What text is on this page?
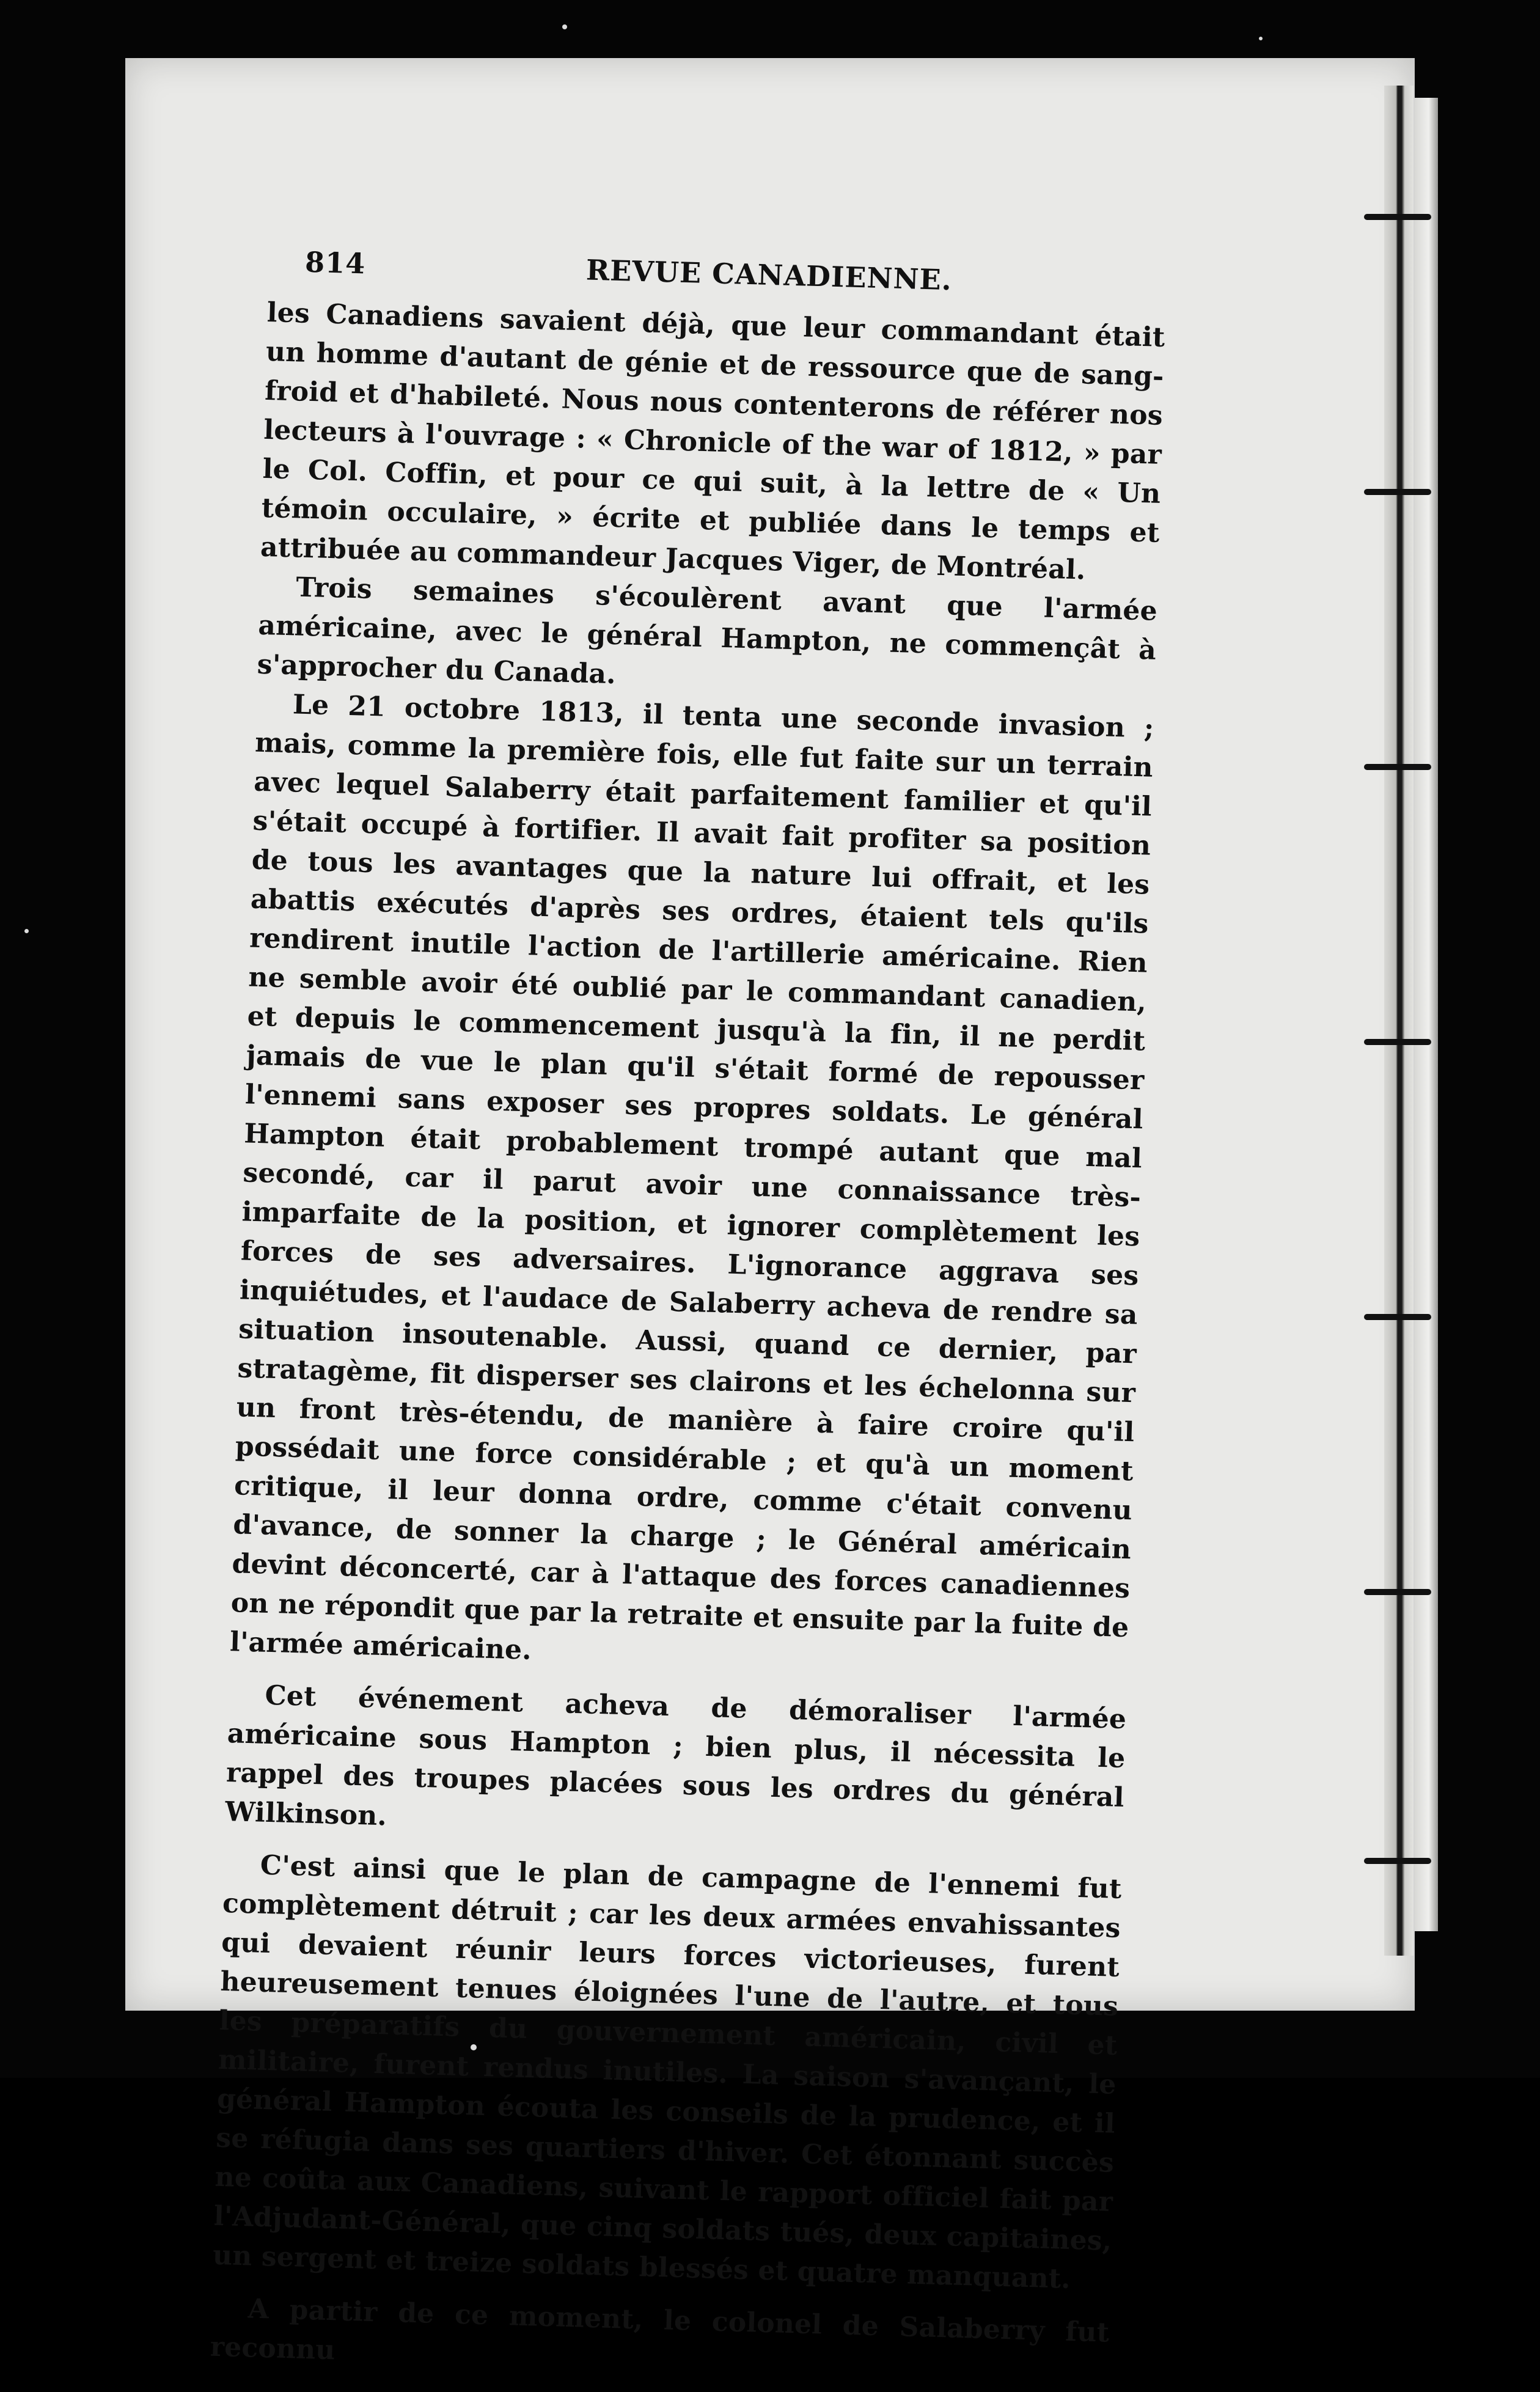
814	REVUE CANADIENNE.

les Canadiens savaient déjà, que leur commandant était un homme d'autant de génie et de ressource que de sang-froid et d'habileté. Nous nous contenterons de référer nos lecteurs à l'ouvrage : « Chronicle of the war of 1812, » par le Col. Coffin, et pour ce qui suit, à la lettre de « Un témoin occulaire, » écrite et publiée dans le temps et attribuée au commandeur Jacques Viger, de Montréal.

Trois semaines s'écoulèrent avant que l'armée américaine, avec le général Hampton, ne commençât à s'approcher du Canada.

Le 21 octobre 1813, il tenta une seconde invasion ; mais, comme la première fois, elle fut faite sur un terrain avec lequel Salaberry était parfaitement familier et qu'il s'était occupé à fortifier. Il avait fait profiter sa position de tous les avantages que la nature lui offrait, et les abattis exécutés d'après ses ordres, étaient tels qu'ils rendirent inutile l'action de l'artillerie américaine. Rien ne semble avoir été oublié par le commandant canadien, et depuis le commencement jusqu'à la fin, il ne perdit jamais de vue le plan qu'il s'était formé de repousser l'ennemi sans exposer ses propres soldats. Le général Hampton était probablement trompé autant que mal secondé, car il parut avoir une connaissance très-imparfaite de la position, et ignorer complètement les forces de ses adversaires. L'ignorance aggrava ses inquiétudes, et l'audace de Salaberry acheva de rendre sa situation insoutenable. Aussi, quand ce dernier, par stratagème, fit disperser ses clairons et les échelonna sur un front très-étendu, de manière à faire croire qu'il possédait une force considérable ; et qu'à un moment critique, il leur donna ordre, comme c'était convenu d'avance, de sonner la charge ; le Général américain devint déconcerté, car à l'attaque des forces canadiennes on ne répondit que par la retraite et ensuite par la fuite de l'armée américaine.

Cet événement acheva de démoraliser l'armée américaine sous Hampton ; bien plus, il nécessita le rappel des troupes placées sous les ordres du général Wilkinson.

C'est ainsi que le plan de campagne de l'ennemi fut complètement détruit ; car les deux armées envahissantes qui devaient réunir leurs forces victorieuses, furent heureusement tenues éloignées l'une de l'autre, et tous les préparatifs du gouvernement américain, civil et militaire, furent rendus inutiles. La saison s'avançant, le général Hampton écouta les conseils de la prudence, et il se réfugia dans ses quartiers d'hiver. Cet étonnant succès ne coûta aux Canadiens, suivant le rapport officiel fait par l'Adjudant-Général, que cinq soldats tués, deux capitaines, un sergent et treize soldats blessés et quatre manquant.

A partir de ce moment, le colonel de Salaberry fut reconnu
